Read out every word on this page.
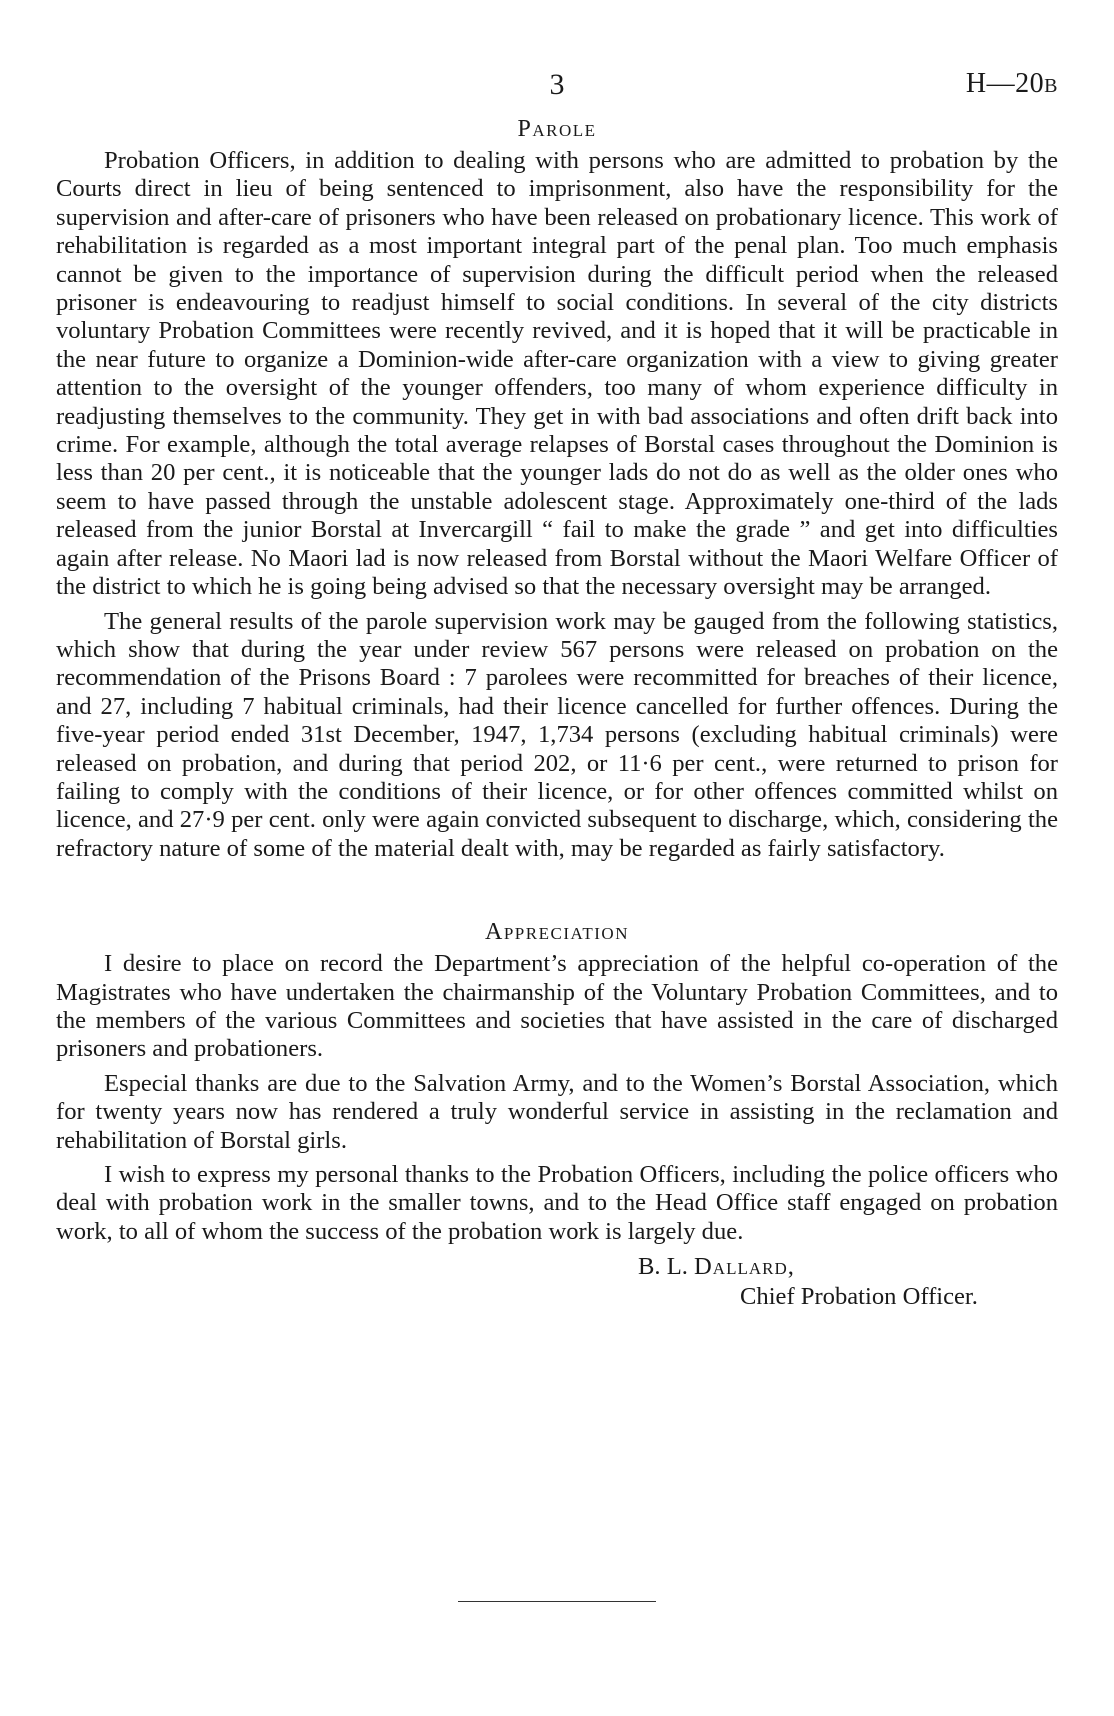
3	H—20B
Parole

Probation Officers, in addition to dealing with persons who are admitted to probation by the Courts direct in lieu of being sentenced to imprisonment, also have the responsibility for the supervision and after-care of prisoners who have been released on probationary licence. This work of rehabilitation is regarded as a most important integral part of the penal plan. Too much emphasis cannot be given to the importance of supervision during the difficult period when the released prisoner is endeavouring to readjust himself to social conditions. In several of the city districts voluntary Probation Committees were recently revived, and it is hoped that it will be practicable in the near future to organize a Dominion-wide after-care organization with a view to giving greater attention to the oversight of the younger offenders, too many of whom experience difficulty in readjusting themselves to the community. They get in with bad associations and often drift back into crime. For example, although the total average relapses of Borstal cases throughout the Dominion is less than 20 per cent., it is noticeable that the younger lads do not do as well as the older ones who seem to have passed through the unstable adolescent stage. Approximately one-third of the lads released from the junior Borstal at Invercargill “ fail to make the grade ” and get into difficulties again after release. No Maori lad is now released from Borstal without the Maori Welfare Officer of the district to which he is going being advised so that the necessary oversight may be arranged.

The general results of the parole supervision work may be gauged from the following statistics, which show that during the year under review 567 persons were released on probation on the recommendation of the Prisons Board : 7 parolees were recommitted for breaches of their licence, and 27, including 7 habitual criminals, had their licence cancelled for further offences. During the five-year period ended 31st December, 1947, 1,734 persons (excluding habitual criminals) were released on probation, and during that period 202, or 11·6 per cent., were returned to prison for failing to comply with the conditions of their licence, or for other offences committed whilst on licence, and 27·9 per cent. only were again convicted subsequent to discharge, which, considering the refractory nature of some of the material dealt with, may be regarded as fairly satisfactory.

Appreciation

I desire to place on record the Department’s appreciation of the helpful co-operation of the Magistrates who have undertaken the chairmanship of the Voluntary Probation Committees, and to the members of the various Committees and societies that have assisted in the care of discharged prisoners and probationers.

Especial thanks are due to the Salvation Army, and to the Women’s Borstal Association, which for twenty years now has rendered a truly wonderful service in assisting in the reclamation and rehabilitation of Borstal girls.

I wish to express my personal thanks to the Probation Officers, including the police officers who deal with probation work in the smaller towns, and to the Head Office staff engaged on probation work, to all of whom the success of the probation work is largely due.

B. L. Dallard,
Chief Probation Officer.
